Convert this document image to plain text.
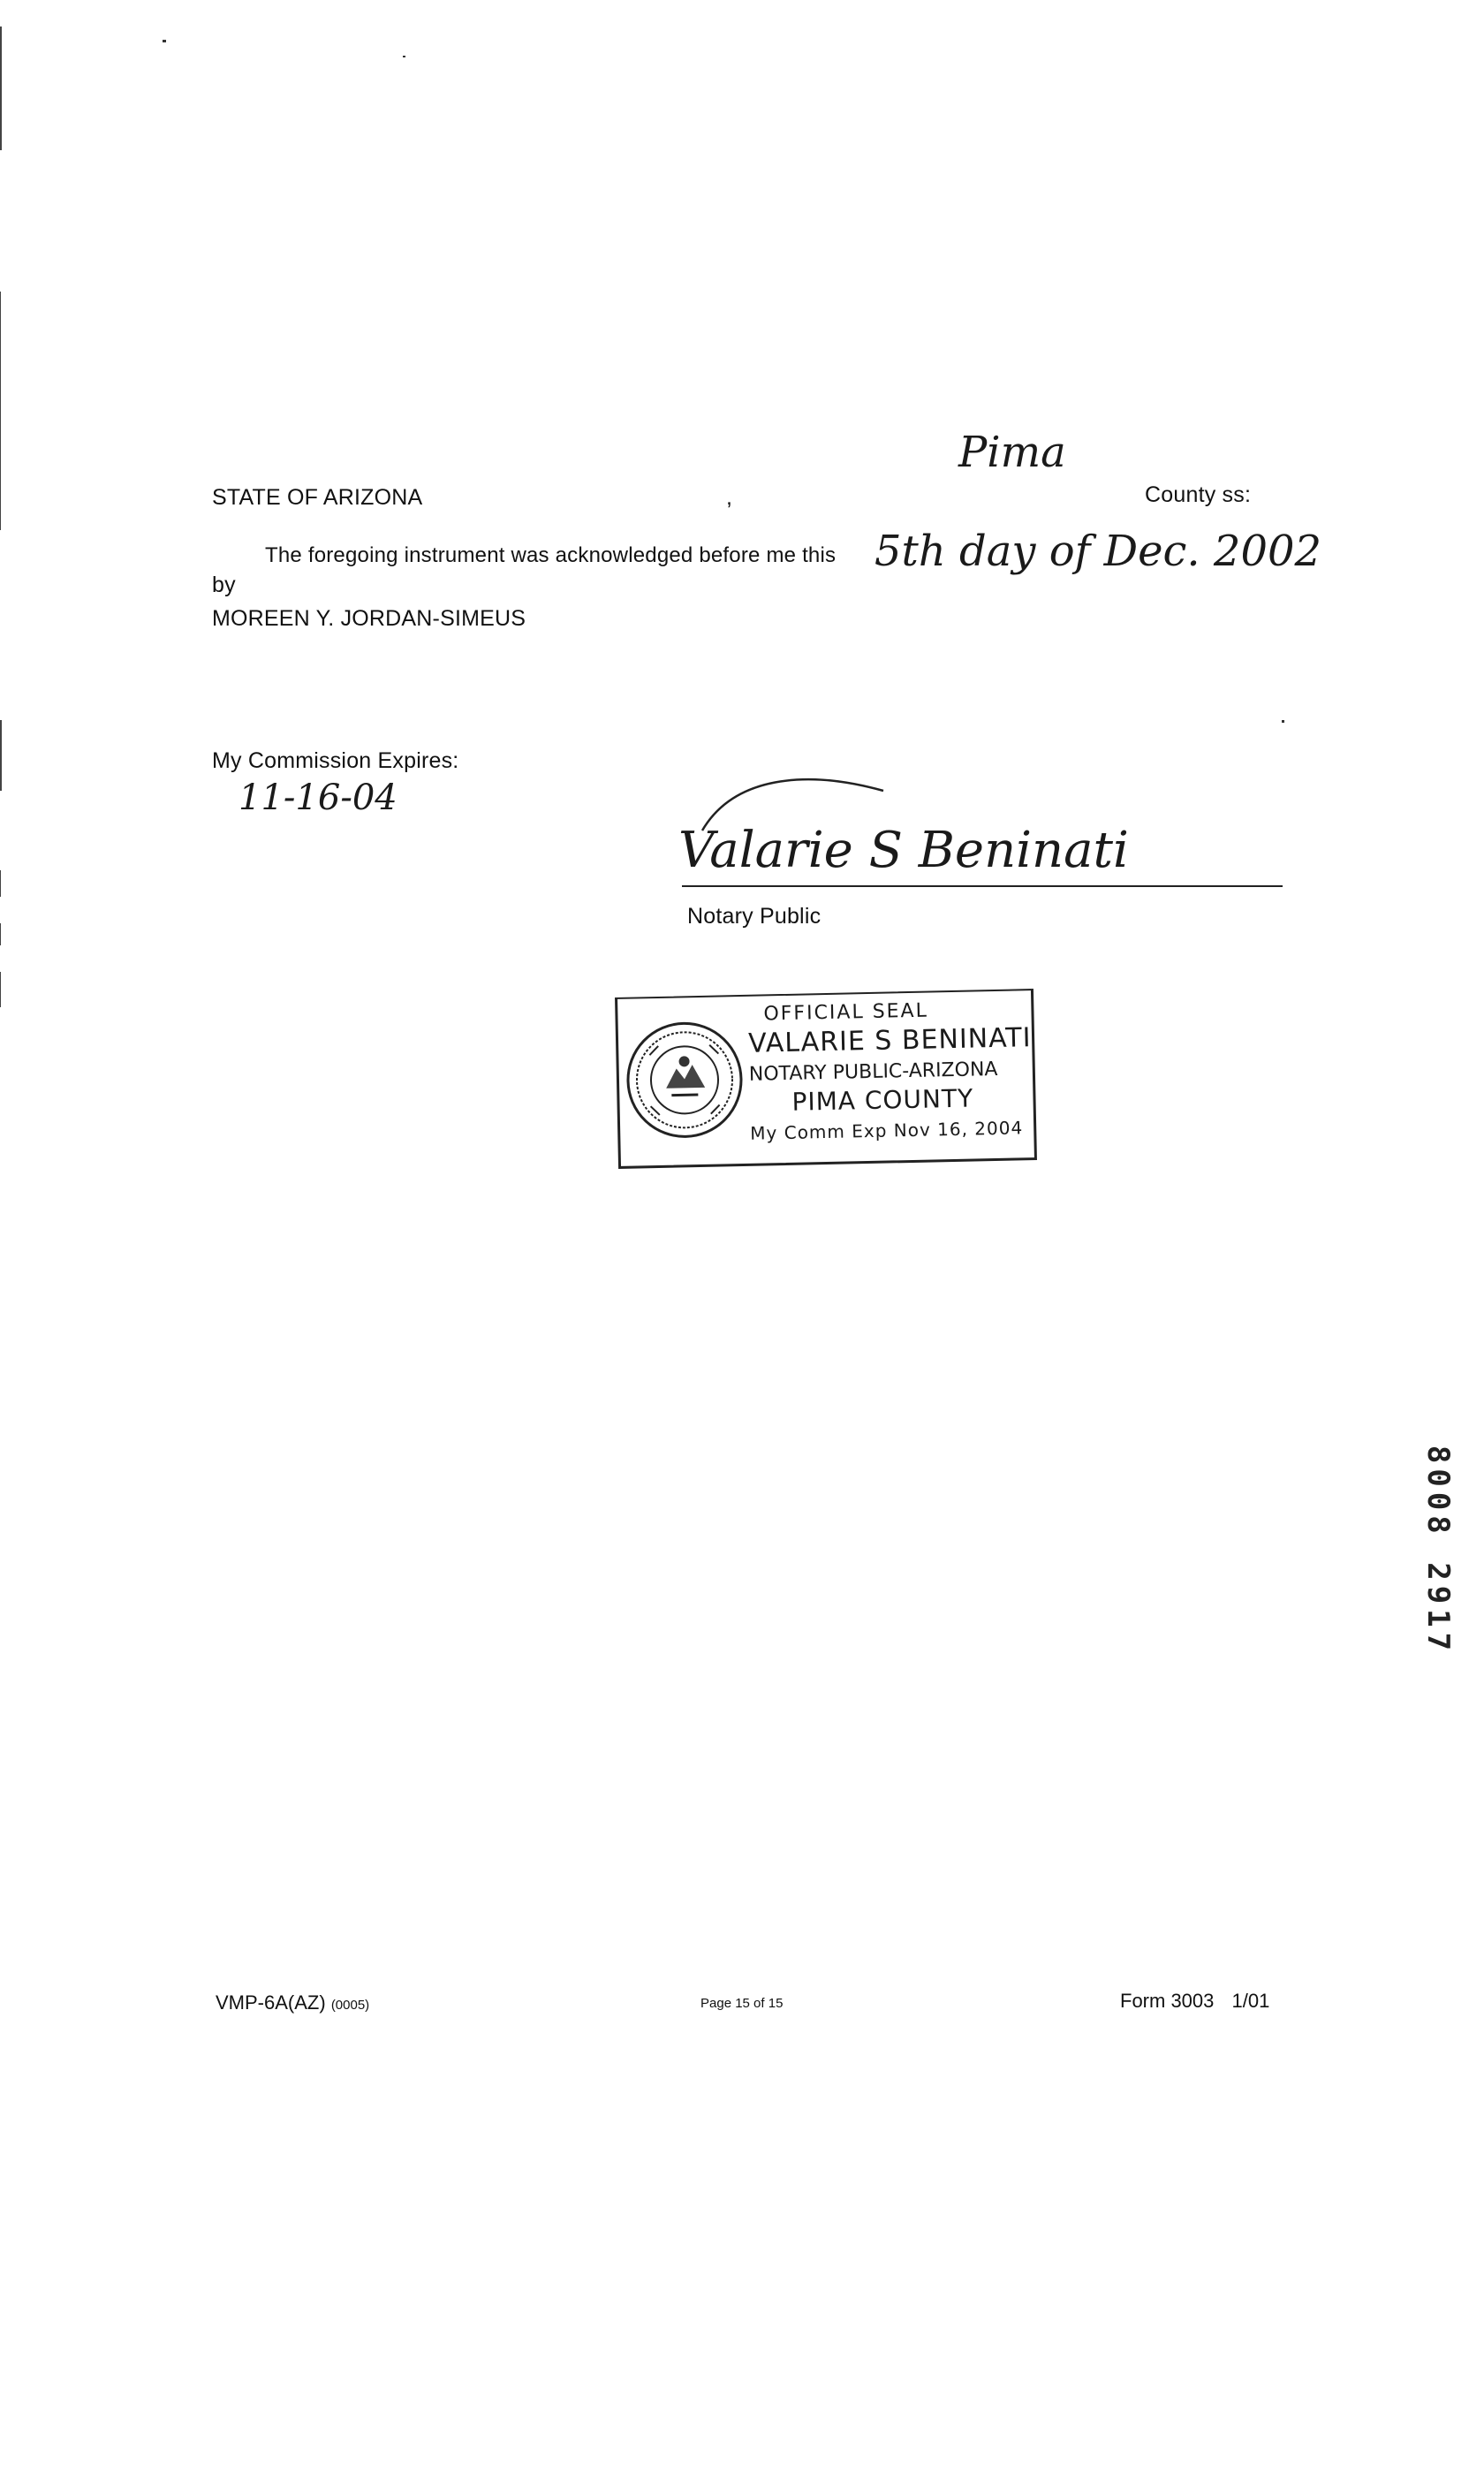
STATE OF ARIZONA	,
Pima
County ss:
The foregoing instrument was acknowledged before me this 5th day of Dec. 2002
by
MOREEN Y. JORDAN-SIMEUS
My Commission Expires:
11-16-04
Valarie S Beninati
Notary Public
OFFICIAL SEAL
VALARIE S BENINATI
NOTARY PUBLIC-ARIZONA
PIMA COUNTY
My Comm Exp Nov 16, 2004
8008 2917
VMP-6A(AZ) (0005)	Page 15 of 15	Form 3003 1/01
